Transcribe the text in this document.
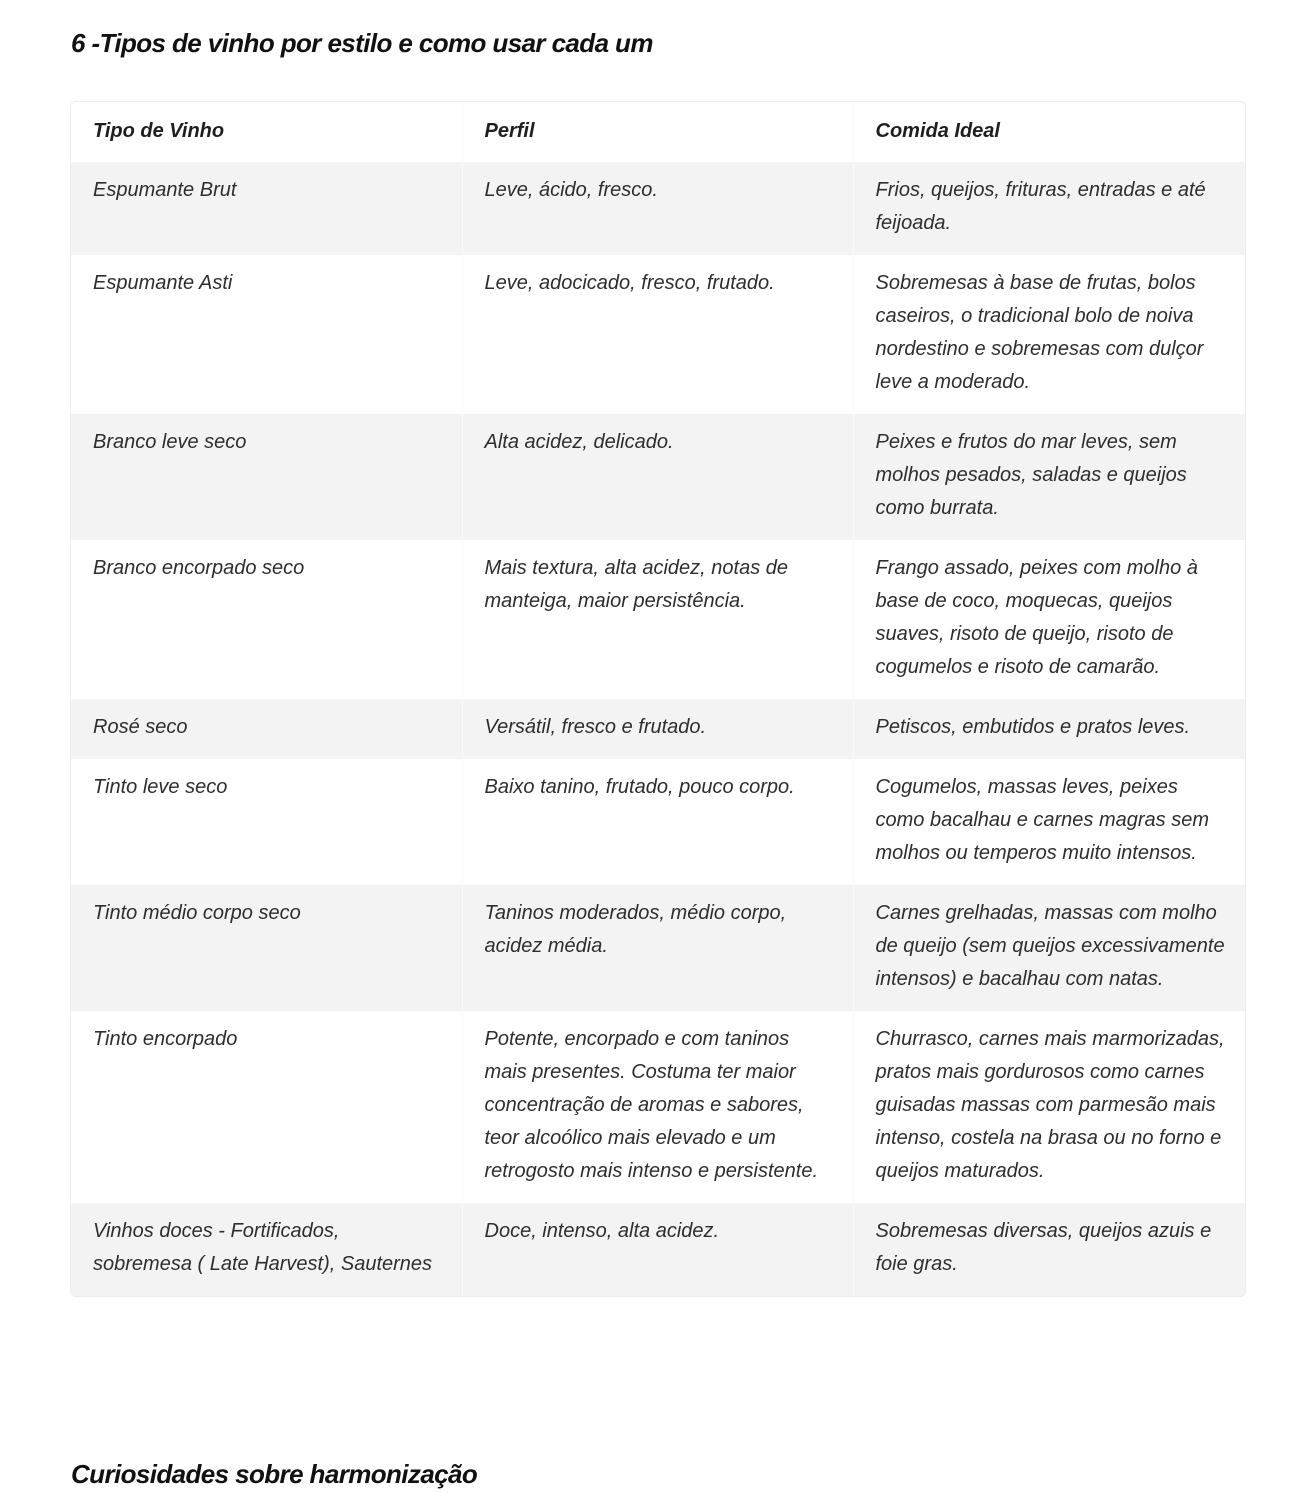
6 -Tipos de vinho por estilo e como usar cada um
Tipo de Vinho	Perfil	Comida Ideal
Espumante Brut	Leve, ácido, fresco.	Frios, queijos, frituras, entradas e até feijoada.
Espumante Asti	Leve, adocicado, fresco, frutado.	Sobremesas à base de frutas, bolos caseiros, o tradicional bolo de noiva nordestino e sobremesas com dulçor leve a moderado.
Branco leve seco	Alta acidez, delicado.	Peixes e frutos do mar leves, sem molhos pesados, saladas e queijos como burrata.
Branco encorpado seco	Mais textura, alta acidez, notas de manteiga, maior persistência.	Frango assado, peixes com molho à base de coco, moquecas, queijos suaves, risoto de queijo, risoto de cogumelos e risoto de camarão.
Rosé seco	Versátil, fresco e frutado.	Petiscos, embutidos e pratos leves.
Tinto leve seco	Baixo tanino, frutado, pouco corpo.	Cogumelos, massas leves, peixes como bacalhau e carnes magras sem molhos ou temperos muito intensos.
Tinto médio corpo seco	Taninos moderados, médio corpo, acidez média.	Carnes grelhadas, massas com molho de queijo (sem queijos excessivamente intensos) e bacalhau com natas.
Tinto encorpado	Potente, encorpado e com taninos mais presentes. Costuma ter maior concentração de aromas e sabores, teor alcoólico mais elevado e um retrogosto mais intenso e persistente.	Churrasco, carnes mais marmorizadas, pratos mais gordurosos como carnes guisadas massas com parmesão mais intenso, costela na brasa ou no forno e queijos maturados.
Vinhos doces - Fortificados, sobremesa ( Late Harvest), Sauternes	Doce, intenso, alta acidez.	Sobremesas diversas, queijos azuis e foie gras.
Curiosidades sobre harmonização
